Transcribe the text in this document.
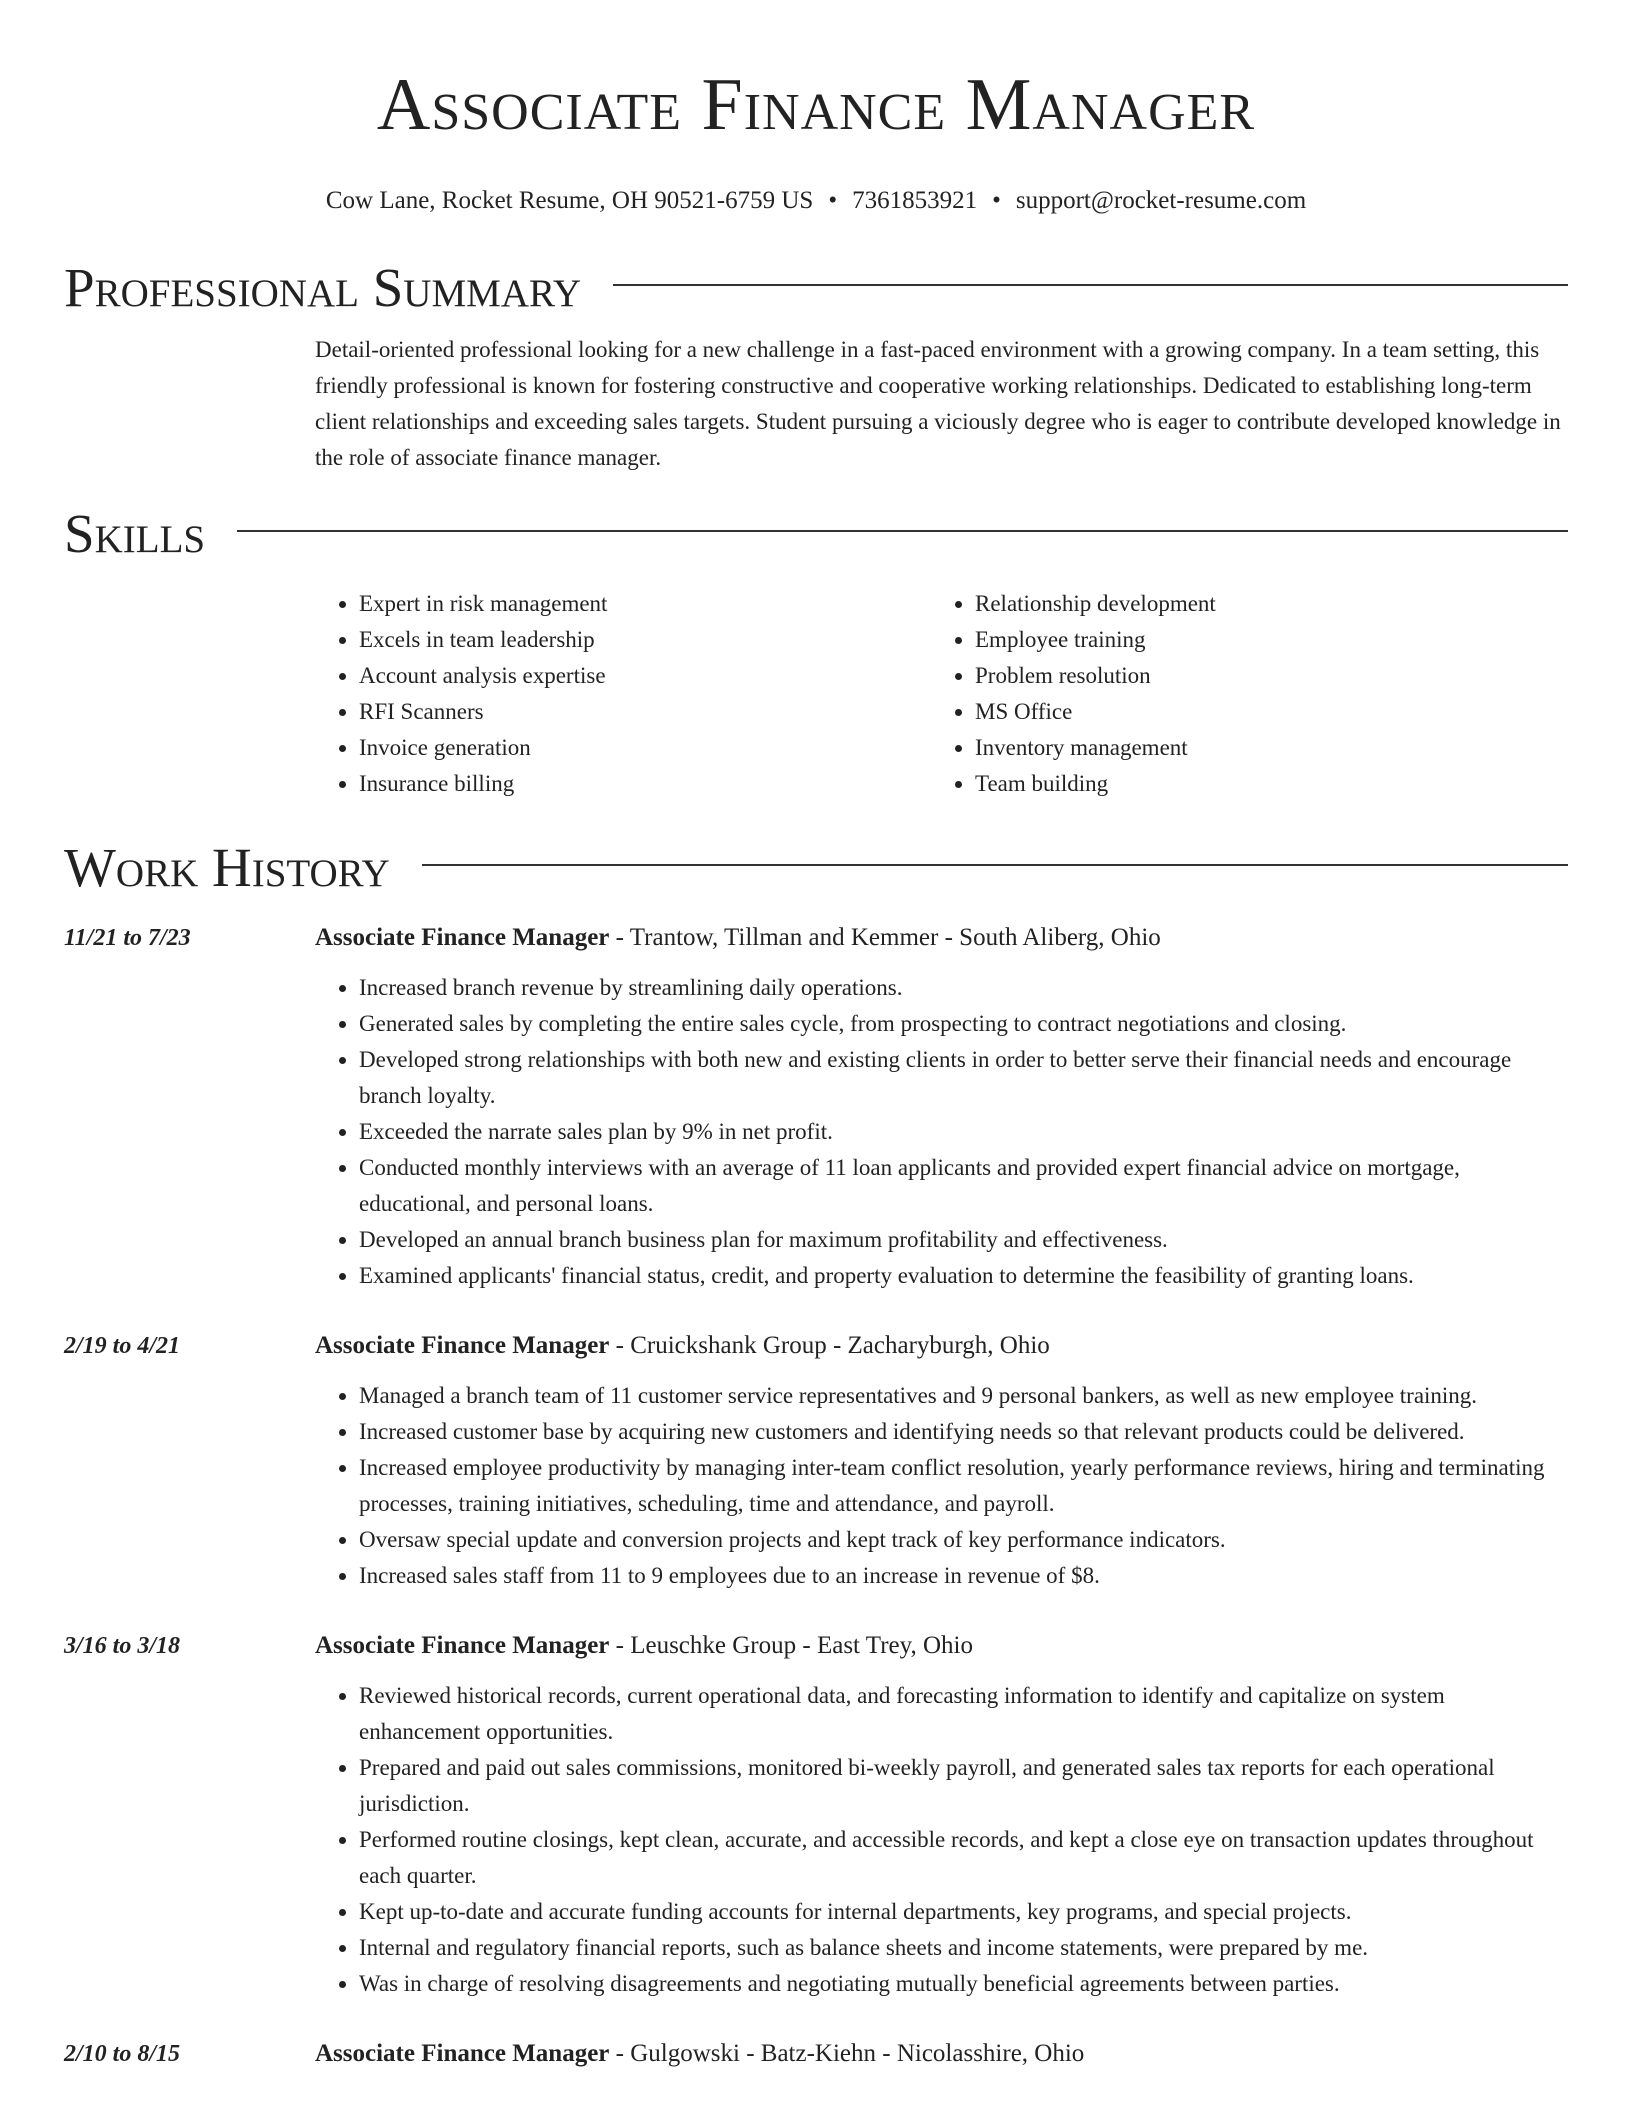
Associate Finance Manager
Cow Lane, Rocket Resume, OH 90521-6759 US • 7361853921 • support@rocket-resume.com
Professional Summary
Detail-oriented professional looking for a new challenge in a fast-paced environment with a growing company. In a team setting, this friendly professional is known for fostering constructive and cooperative working relationships. Dedicated to establishing long-term client relationships and exceeding sales targets. Student pursuing a viciously degree who is eager to contribute developed knowledge in the role of associate finance manager.
Skills
• Expert in risk management
• Excels in team leadership
• Account analysis expertise
• RFI Scanners
• Invoice generation
• Insurance billing
• Relationship development
• Employee training
• Problem resolution
• MS Office
• Inventory management
• Team building
Work History
11/21 to 7/23	Associate Finance Manager - Trantow, Tillman and Kemmer - South Aliberg, Ohio
• Increased branch revenue by streamlining daily operations.
• Generated sales by completing the entire sales cycle, from prospecting to contract negotiations and closing.
• Developed strong relationships with both new and existing clients in order to better serve their financial needs and encourage branch loyalty.
• Exceeded the narrate sales plan by 9% in net profit.
• Conducted monthly interviews with an average of 11 loan applicants and provided expert financial advice on mortgage, educational, and personal loans.
• Developed an annual branch business plan for maximum profitability and effectiveness.
• Examined applicants' financial status, credit, and property evaluation to determine the feasibility of granting loans.
2/19 to 4/21	Associate Finance Manager - Cruickshank Group - Zacharyburgh, Ohio
• Managed a branch team of 11 customer service representatives and 9 personal bankers, as well as new employee training.
• Increased customer base by acquiring new customers and identifying needs so that relevant products could be delivered.
• Increased employee productivity by managing inter-team conflict resolution, yearly performance reviews, hiring and terminating processes, training initiatives, scheduling, time and attendance, and payroll.
• Oversaw special update and conversion projects and kept track of key performance indicators.
• Increased sales staff from 11 to 9 employees due to an increase in revenue of $8.
3/16 to 3/18	Associate Finance Manager - Leuschke Group - East Trey, Ohio
• Reviewed historical records, current operational data, and forecasting information to identify and capitalize on system enhancement opportunities.
• Prepared and paid out sales commissions, monitored bi-weekly payroll, and generated sales tax reports for each operational jurisdiction.
• Performed routine closings, kept clean, accurate, and accessible records, and kept a close eye on transaction updates throughout each quarter.
• Kept up-to-date and accurate funding accounts for internal departments, key programs, and special projects.
• Internal and regulatory financial reports, such as balance sheets and income statements, were prepared by me.
• Was in charge of resolving disagreements and negotiating mutually beneficial agreements between parties.
2/10 to 8/15	Associate Finance Manager - Gulgowski - Batz-Kiehn - Nicolasshire, Ohio
